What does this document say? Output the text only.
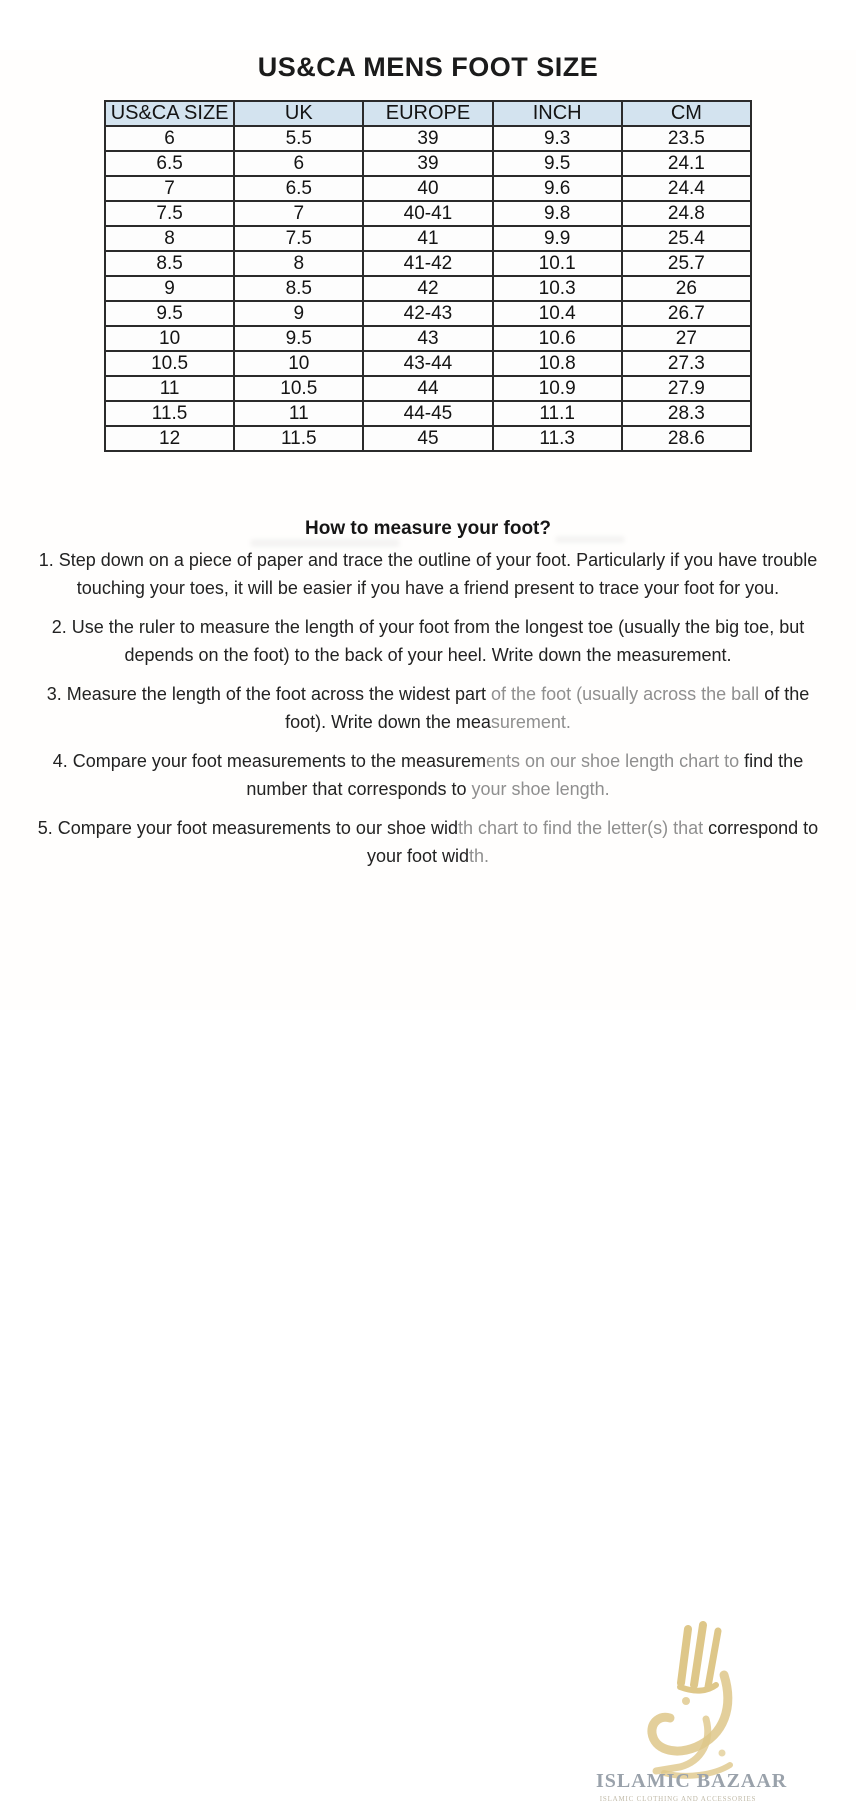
US&CA MENS FOOT SIZE
US&CA SIZE	UK	EUROPE	INCH	CM
6	5.5	39	9.3	23.5
6.5	6	39	9.5	24.1
7	6.5	40	9.6	24.4
7.5	7	40-41	9.8	24.8
8	7.5	41	9.9	25.4
8.5	8	41-42	10.1	25.7
9	8.5	42	10.3	26
9.5	9	42-43	10.4	26.7
10	9.5	43	10.6	27
10.5	10	43-44	10.8	27.3
11	10.5	44	10.9	27.9
11.5	11	44-45	11.1	28.3
12	11.5	45	11.3	28.6
How to measure your foot?

1. Step down on a piece of paper and trace the outline of your foot. Particularly if you have trouble touching your toes, it will be easier if you have a friend present to trace your foot for you.

2. Use the ruler to measure the length of your foot from the longest toe (usually the big toe, but depends on the foot) to the back of your heel. Write down the measurement.

3. Measure the length of the foot across the widest part of the foot (usually across the ball of the foot). Write down the measurement.

4. Compare your foot measurements to the measurements on our shoe length chart to find the number that corresponds to your shoe length.

5. Compare your foot measurements to our shoe width chart to find the letter(s) that correspond to your foot width.

ISLAMIC BAZAAR
ISLAMIC CLOTHING AND ACCESSORIES
